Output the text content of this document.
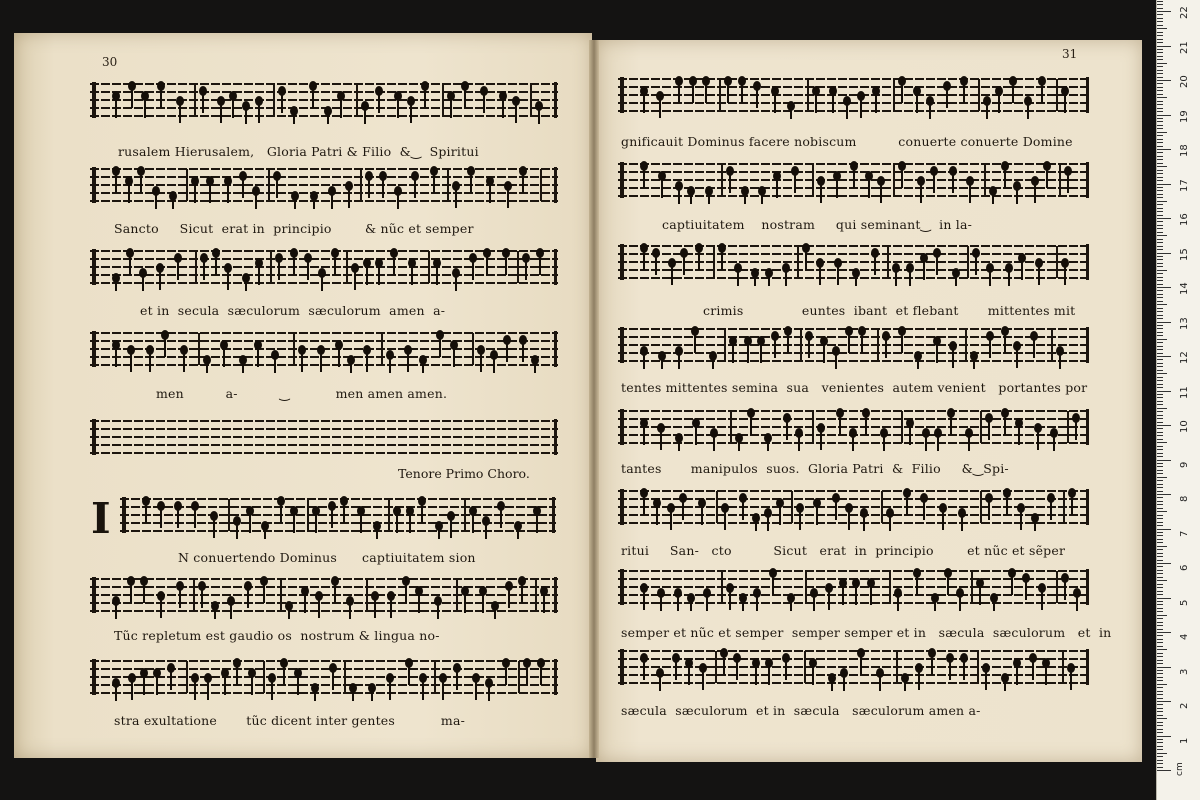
30
31
rusalem Hierusalem,   Gloria Patri & Filio  &‿  Spiritui
Sancto     Sicut  erat in  principio        & nũc et semper
et in  secula  sæculorum  sæculorum  amen  a-
men          a-          ‿           men amen amen.
Tenore Primo Choro.
I
N conuertendo Dominus      captiuitatem sion
Tũc repletum est gaudio os  nostrum & lingua no-
stra exultatione       tũc dicent inter gentes           ma-
gnificauit Dominus facere nobiscum          conuerte conuerte Domine
captiuitatem    nostram     qui seminant‿  in la-
crimis              euntes  ibant  et flebant       mittentes mit
tentes mittentes semina  sua   venientes  autem venient   portantes por
tantes       manipulos  suos.  Gloria Patri  &  Filio     &‿Spi-
ritui     San-   cto          Sicut   erat  in  principio        et nũc et sẽper
semper et nũc et semper  semper semper et in   sæcula  sæculorum   et  in
sæcula  sæculorum  et in  sæcula   sæculorum amen a-
1
2
3
4
5
6
7
8
9
10
11
12
13
14
15
16
17
18
19
20
21
22
cm
